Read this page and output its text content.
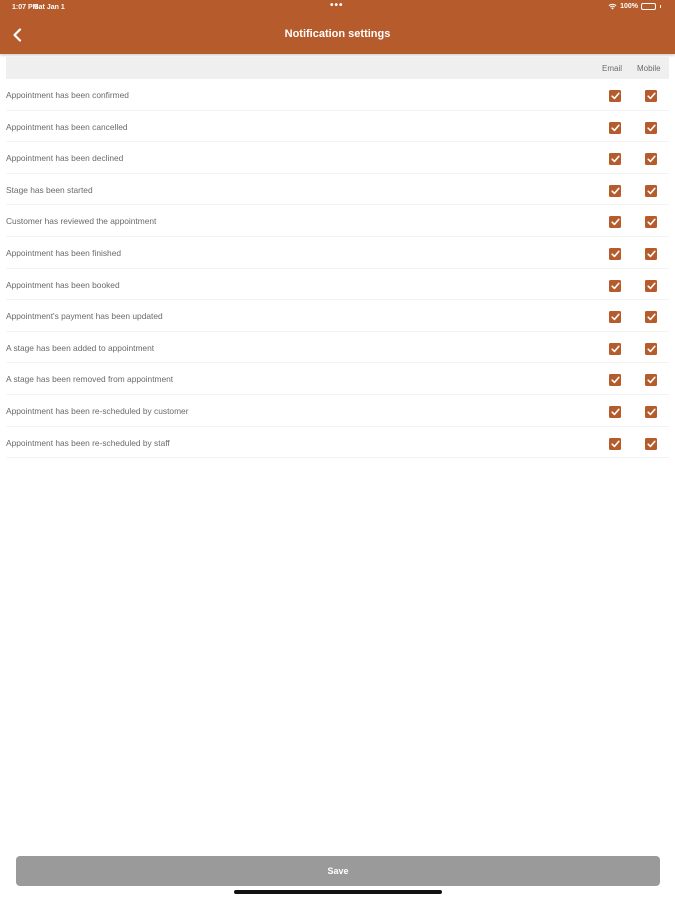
1:07 PM
Sat Jan 1	•••	100%
Notification settings
Email Mobile
Appointment has been confirmed
Appointment has been cancelled
Appointment has been declined
Stage has been started
Customer has reviewed the appointment
Appointment has been finished
Appointment has been booked
Appointment's payment has been updated
A stage has been added to appointment
A stage has been removed from appointment
Appointment has been re-scheduled by customer
Appointment has been re-scheduled by staff
Save
